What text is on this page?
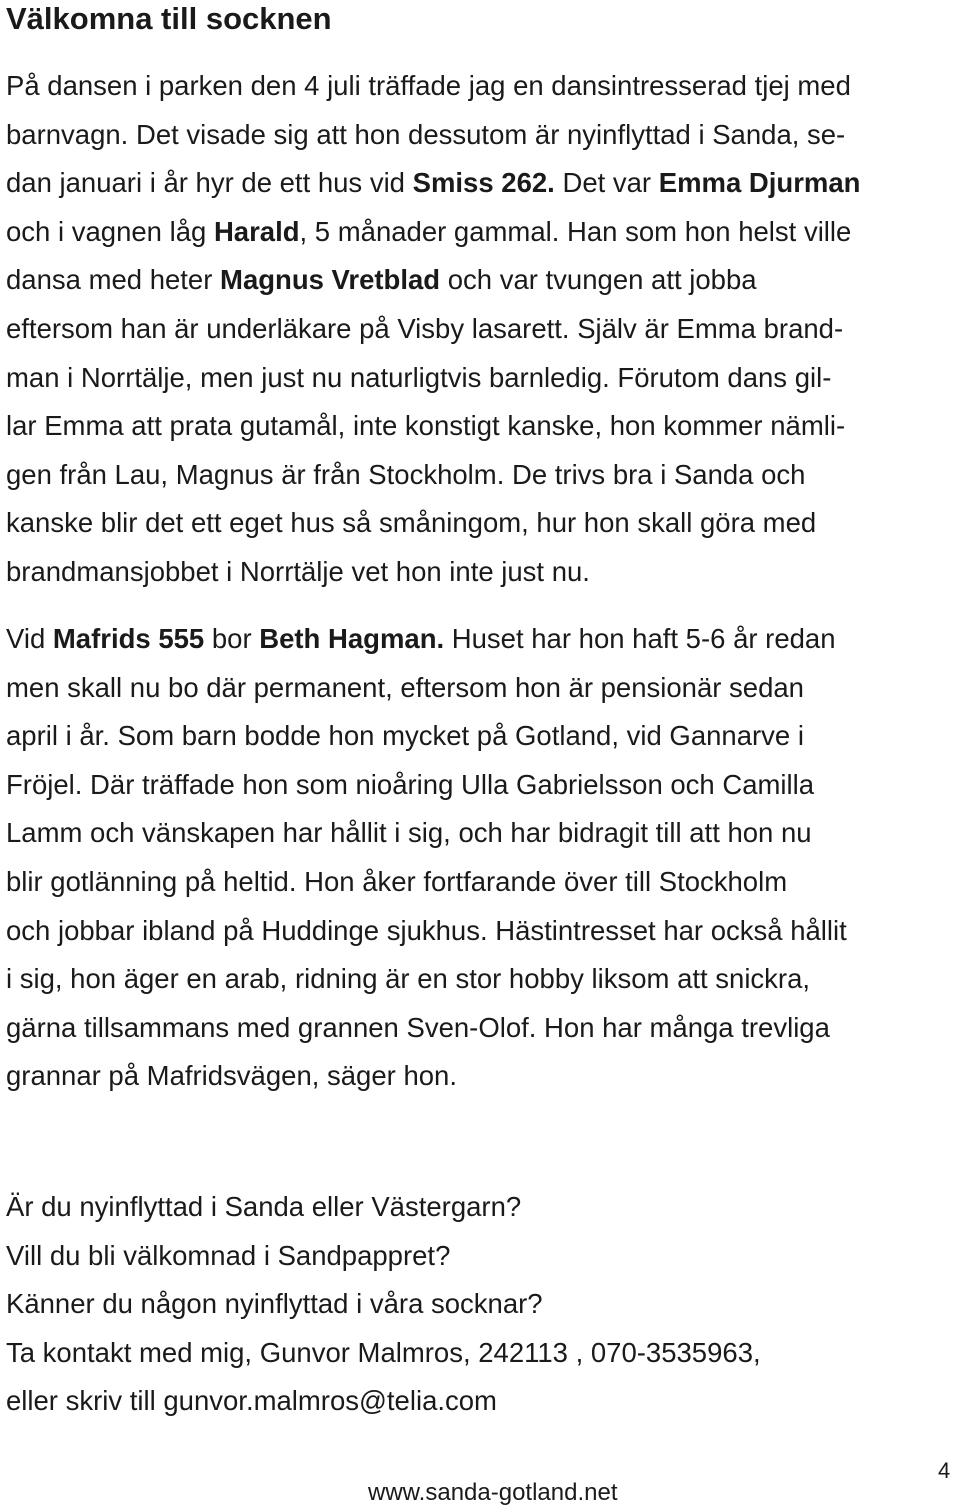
Välkomna till socknen
På dansen i parken den 4 juli träffade jag en dansintresserad tjej med
barnvagn. Det visade sig att hon dessutom är nyinflyttad i Sanda, se-
dan januari i år hyr de ett hus vid Smiss 262. Det var Emma Djurman
och i vagnen låg Harald, 5 månader gammal. Han som hon helst ville
dansa med heter Magnus Vretblad och var tvungen att jobba
eftersom han är underläkare på Visby lasarett. Själv är Emma brand-
man i Norrtälje, men just nu naturligtvis barnledig. Förutom dans gil-
lar Emma att prata gutamål, inte konstigt kanske, hon kommer nämli-
gen från Lau, Magnus är från Stockholm. De trivs bra i Sanda och
kanske blir det ett eget hus så småningom, hur hon skall göra med
brandmansjobbet i Norrtälje vet hon inte just nu.
Vid Mafrids 555 bor Beth Hagman. Huset har hon haft 5-6 år redan
men skall nu bo där permanent, eftersom hon är pensionär sedan
april i år. Som barn bodde hon mycket på Gotland, vid Gannarve i
Fröjel. Där träffade hon som nioåring Ulla Gabrielsson och Camilla
Lamm och vänskapen har hållit i sig, och har bidragit till att hon nu
blir gotlänning på heltid. Hon åker fortfarande över till Stockholm
och jobbar ibland på Huddinge sjukhus. Hästintresset har också hållit
i sig, hon äger en arab, ridning är en stor hobby liksom att snickra,
gärna tillsammans med grannen Sven-Olof. Hon har många trevliga
grannar på Mafridsvägen, säger hon.
Är du nyinflyttad i Sanda eller Västergarn?
Vill du bli välkomnad i Sandpappret?
Känner du någon nyinflyttad i våra socknar?
Ta kontakt med mig, Gunvor Malmros, 242113 , 070-3535963,
eller skriv till gunvor.malmros@telia.com

www.sanda-gotland.net

4
